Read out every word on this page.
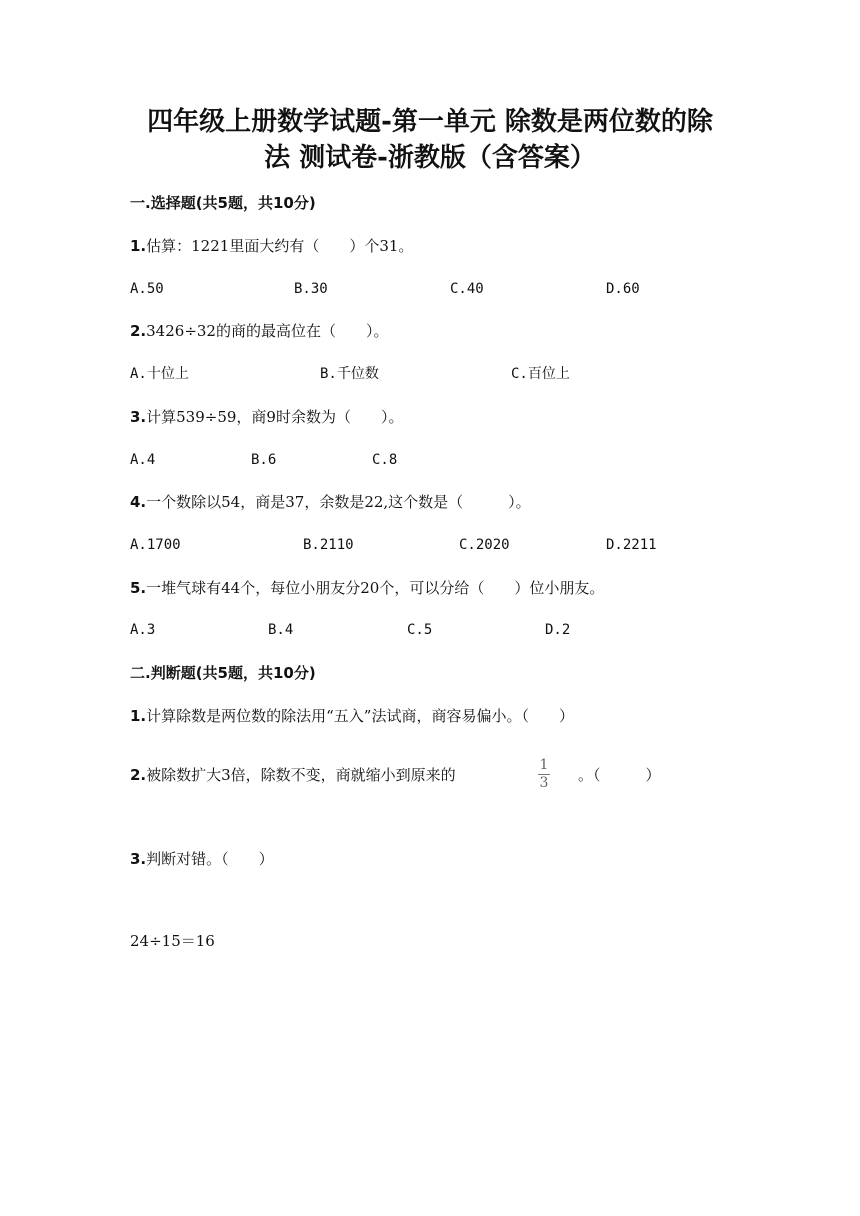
四年级上册数学试题-第一单元 除数是两位数的除
法 测试卷-浙教版（含答案）
一.选择题(共5题，共10分)
1.估算：1221里面大约有（　　）个31。
A.50	B.30	C.40	D.60
2.3426÷32的商的最高位在（　　）。
A.十位上	B.千位数	C.百位上
3.计算539÷59，商9时余数为（　　）。
A.4	B.6	C.8
4.一个数除以54，商是37，余数是22,这个数是（　　　）。
A.1700	B.2110	C.2020	D.2211
5.一堆气球有44个，每位小朋友分20个，可以分给（　　）位小朋友。
A.3	B.4	C.5	D.2
二.判断题(共5题，共10分)
1.计算除数是两位数的除法用“五入”法试商，商容易偏小。（　　）
2.被除数扩大3倍，除数不变，商就缩小到原来的
1
3	。（　　　）
3.判断对错。（　　）
24÷15＝16
